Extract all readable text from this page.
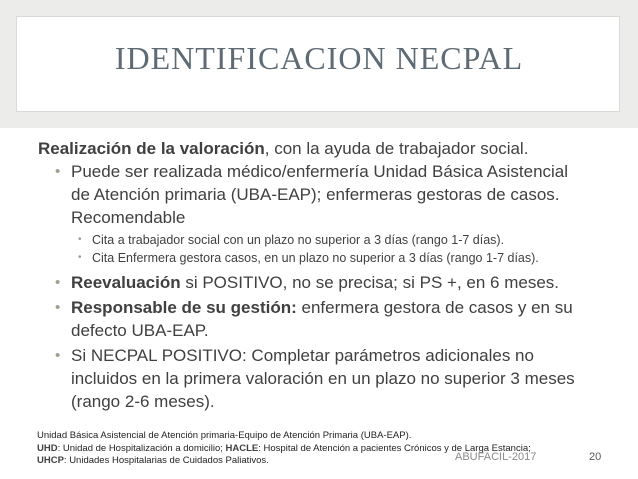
IDENTIFICACION NECPAL
Realización de la valoración, con la ayuda de trabajador social.
• Puede ser realizada médico/enfermería Unidad Básica Asistencial
de Atención primaria (UBA-EAP); enfermeras gestoras de casos.
Recomendable
• Cita a trabajador social con un plazo no superior a 3 días (rango 1-7 días).
• Cita Enfermera gestora casos, en un plazo no superior a 3 días (rango 1-7 días).
• Reevaluación si POSITIVO, no se precisa; si PS +, en 6 meses.
• Responsable de su gestión: enfermera gestora de casos y en su
defecto UBA-EAP.
• Si NECPAL POSITIVO: Completar parámetros adicionales no
incluidos en la primera valoración en un plazo no superior 3 meses
(rango 2-6 meses).
Unidad Básica Asistencial de Atención primaria-Equipo de Atención Primaria (UBA-EAP).
UHD: Unidad de Hospitalización a domicilio; HACLE: Hospital de Atención a pacientes Crónicos y de Larga Estancia;
UHCP: Unidades Hospitalarias de Cuidados Paliativos.	ABUFACIL-2017	20
